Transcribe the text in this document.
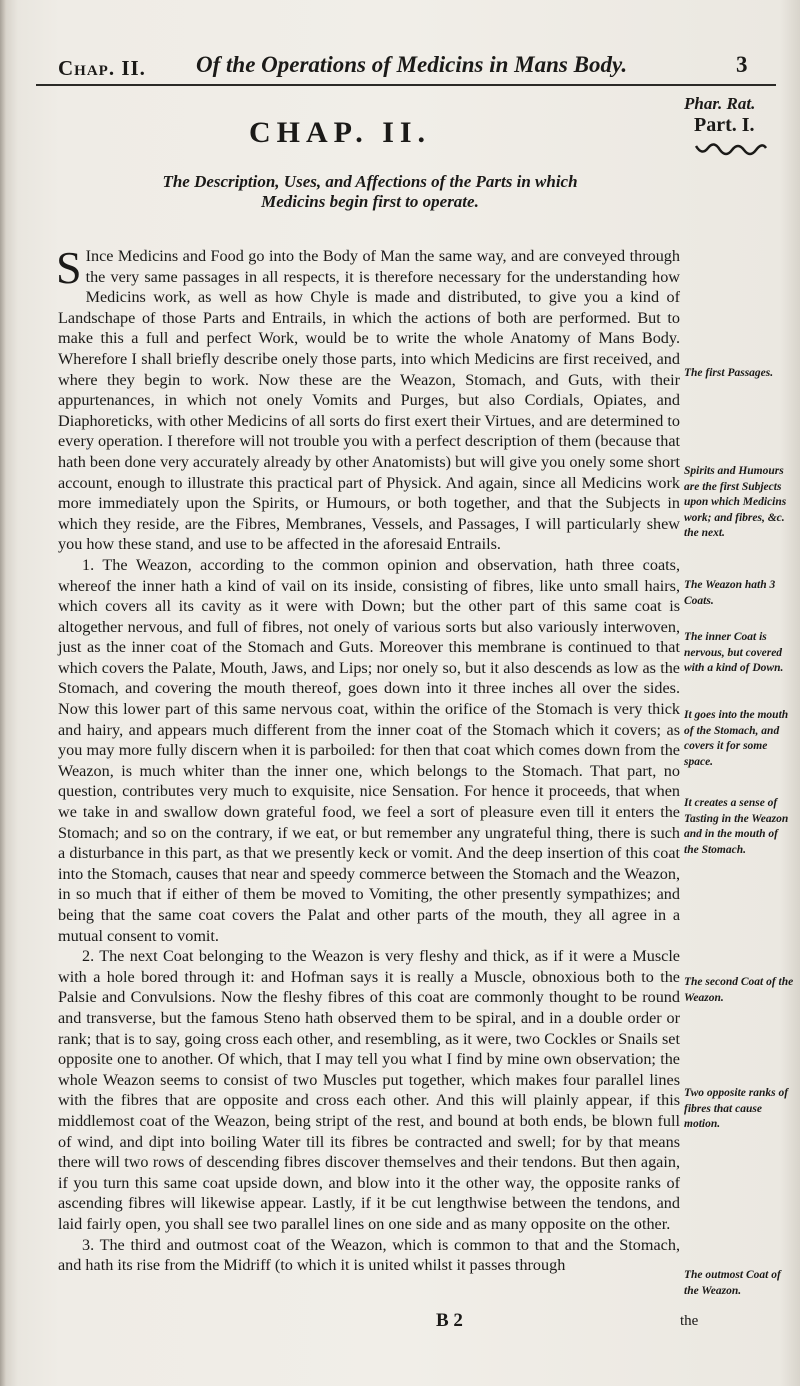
Chap. II. Of the Operations of Medicins in Mans Body.	3
Phar. Rat.
Part. I.
CHAP. II.
The Description, Uses, and Affections of the Parts in which Medicins begin first to operate.

S Ince Medicins and Food go into the Body of Man the same way, and are conveyed through the very same passages in all respects, it is therefore necessary for the understanding how Medicins work, as well as how Chyle is made and distributed, to give you a kind of Landschape of those Parts and Entrails, in which the actions of both are performed. But to make this a full and perfect Work, would be to write the whole Anatomy of Mans Body. Wherefore I shall briefly describe onely those parts, into which Medicins are first received, and where they begin to work. Now these are the Weazon, Stomach, and Guts, with their appurtenances, in which not onely Vomits and Purges, but also Cordials, Opiates, and Diaphoreticks, with other Medicins of all sorts do first exert their Virtues, and are determined to every operation. I therefore will not trouble you with a perfect description of them (because that hath been done very accurately already by other Anatomists) but will give you onely some short account, enough to illustrate this practical part of Physick. And again, since all Medicins work more immediately upon the Spirits, or Humours, or both together, and that the Subjects in which they reside, are the Fibres, Membranes, Vessels, and Passages, I will particularly shew you how these stand, and use to be affected in the aforesaid Entrails.

1. The Weazon, according to the common opinion and observation, hath three coats, whereof the inner hath a kind of vail on its inside, consisting of fibres, like unto small hairs, which covers all its cavity as it were with Down; but the other part of this same coat is altogether nervous, and full of fibres, not onely of various sorts but also variously interwoven, just as the inner coat of the Stomach and Guts. Moreover this membrane is continued to that which covers the Palate, Mouth, Jaws, and Lips; nor onely so, but it also descends as low as the Stomach, and covering the mouth thereof, goes down into it three inches all over the sides. Now this lower part of this same nervous coat, within the orifice of the Stomach is very thick and hairy, and appears much different from the inner coat of the Stomach which it covers; as you may more fully discern when it is parboiled: for then that coat which comes down from the Weazon, is much whiter than the inner one, which belongs to the Stomach. That part, no question, contributes very much to exquisite, nice Sensation. For hence it proceeds, that when we take in and swallow down grateful food, we feel a sort of pleasure even till it enters the Stomach; and so on the contrary, if we eat, or but remember any ungrateful thing, there is such a disturbance in this part, as that we presently keck or vomit. And the deep insertion of this coat into the Stomach, causes that near and speedy commerce between the Stomach and the Weazon, in so much that if either of them be moved to Vomiting, the other presently sympathizes; and being that the same coat covers the Palat and other parts of the mouth, they all agree in a mutual consent to vomit.

2. The next Coat belonging to the Weazon is very fleshy and thick, as if it were a Muscle with a hole bored through it: and Hofman says it is really a Muscle, obnoxious both to the Palsie and Convulsions. Now the fleshy fibres of this coat are commonly thought to be round and transverse, but the famous Steno hath observed them to be spiral, and in a double order or rank; that is to say, going cross each other, and resembling, as it were, two Cockles or Snails set opposite one to another. Of which, that I may tell you what I find by mine own observation; the whole Weazon seems to consist of two Muscles put together, which makes four parallel lines with the fibres that are opposite and cross each other. And this will plainly appear, if this middlemost coat of the Weazon, being stript of the rest, and bound at both ends, be blown full of wind, and dipt into boiling Water till its fibres be contracted and swell; for by that means there will two rows of descending fibres discover themselves and their tendons. But then again, if you turn this same coat upside down, and blow into it the other way, the opposite ranks of ascending fibres will likewise appear. Lastly, if it be cut lengthwise between the tendons, and laid fairly open, you shall see two parallel lines on one side and as many opposite on the other.

3. The third and outmost coat of the Weazon, which is common to that and the Stomach, and hath its rise from the Midriff (to which it is united whilst it passes through

The first Passages.
Spirits and Humours are the first Subjects upon which Medicins work; and fibres, &c. the next.
The Weazon hath 3 Coats.
The inner Coat is nervous, but covered with a kind of Down.
It goes into the mouth of the Stomach, and covers it for some space.
It creates a sense of Tasting in the Weazon and in the mouth of the Stomach.
The second Coat of the Weazon.
Two opposite ranks of fibres that cause motion.
The outmost Coat of the Weazon.
B 2	the
